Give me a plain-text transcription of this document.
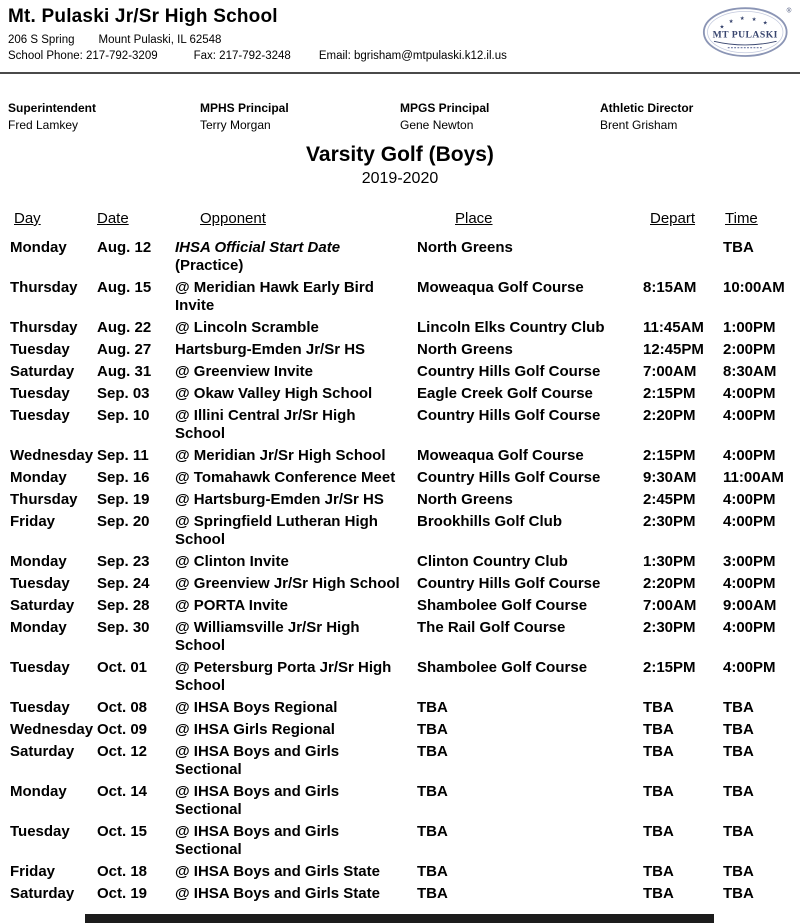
Mt. Pulaski Jr/Sr High School
206 S Spring Mount Pulaski, IL 62548
School Phone: 217-792-3209	Fax: 217-792-3248 Email: bgrisham@mtpulaski.k12.il.us
★
★ ★ ★
★
MT PULASKI
®
Superintendent
Fred Lamkey
MPHS Principal
Terry Morgan
MPGS Principal
Gene Newton
Athletic Director
Brent Grisham
Varsity Golf (Boys)
2019-2020
Day	Date	Opponent	Place	Depart	Time
Monday	Aug. 12	IHSA Official Start Date
(Practice)	North Greens		TBA
Thursday	Aug. 15	@ Meridian Hawk Early Bird
Invite	Moweaqua Golf Course	8:15AM	10:00AM
Thursday	Aug. 22	@ Lincoln Scramble	Lincoln Elks Country Club	11:45AM	1:00PM
Tuesday	Aug. 27	Hartsburg-Emden Jr/Sr HS	North Greens	12:45PM	2:00PM
Saturday	Aug. 31	@ Greenview Invite	Country Hills Golf Course	7:00AM	8:30AM
Tuesday	Sep. 03	@ Okaw Valley High School	Eagle Creek Golf Course	2:15PM	4:00PM
Tuesday	Sep. 10	@ Illini Central Jr/Sr High
School	Country Hills Golf Course	2:20PM	4:00PM
Wednesday	Sep. 11	@ Meridian Jr/Sr High School	Moweaqua Golf Course	2:15PM	4:00PM
Monday	Sep. 16	@ Tomahawk Conference Meet	Country Hills Golf Course	9:30AM	11:00AM
Thursday	Sep. 19	@ Hartsburg-Emden Jr/Sr HS	North Greens	2:45PM	4:00PM
Friday	Sep. 20	@ Springfield Lutheran High
School	Brookhills Golf Club	2:30PM	4:00PM
Monday	Sep. 23	@ Clinton Invite	Clinton Country Club	1:30PM	3:00PM
Tuesday	Sep. 24	@ Greenview Jr/Sr High School	Country Hills Golf Course	2:20PM	4:00PM
Saturday	Sep. 28	@ PORTA Invite	Shambolee Golf Course	7:00AM	9:00AM
Monday	Sep. 30	@ Williamsville Jr/Sr High
School	The Rail Golf Course	2:30PM	4:00PM
Tuesday	Oct. 01	@ Petersburg Porta Jr/Sr High
School	Shambolee Golf Course	2:15PM	4:00PM
Tuesday	Oct. 08	@ IHSA Boys Regional	TBA	TBA	TBA
Wednesday	Oct. 09	@ IHSA Girls Regional	TBA	TBA	TBA
Saturday	Oct. 12	@ IHSA Boys and Girls
Sectional	TBA	TBA	TBA
Monday	Oct. 14	@ IHSA Boys and Girls
Sectional	TBA	TBA	TBA
Tuesday	Oct. 15	@ IHSA Boys and Girls
Sectional	TBA	TBA	TBA
Friday	Oct. 18	@ IHSA Boys and Girls State	TBA	TBA	TBA
Saturday	Oct. 19	@ IHSA Boys and Girls State	TBA	TBA	TBA
